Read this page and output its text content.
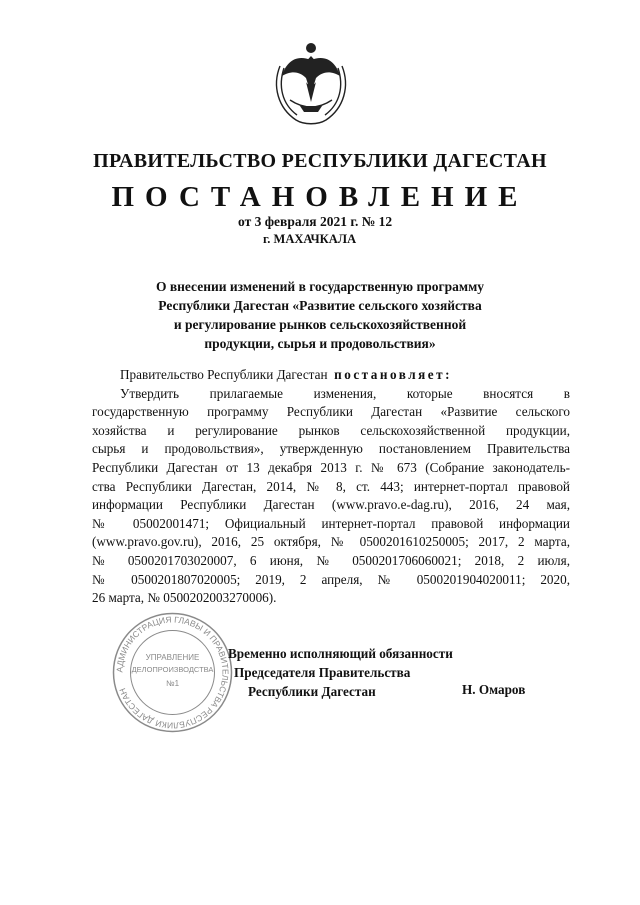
ПРАВИТЕЛЬСТВО РЕСПУБЛИКИ ДАГЕСТАН
ПОСТАНОВЛЕНИЕ
от 3 февраля 2021 г. № 12
г. МАХАЧКАЛА
О внесении изменений в государственную программу
Республики Дагестан «Развитие сельского хозяйства
и регулирование рынков сельскохозяйственной
продукции, сырья и продовольствия»
Правительство Республики Дагестан постановляет:
Утвердить прилагаемые изменения, которые вносятся в
государственную программу Республики Дагестан «Развитие сельского
хозяйства и регулирование рынков сельскохозяйственной продукции,
сырья и продовольствия», утвержденную постановлением Правительства
Республики Дагестан от 13 декабря 2013 г. № 673 (Собрание законодатель-
ства Республики Дагестан, 2014, № 8, ст. 443; интернет-портал правовой
информации Республики Дагестан (www.pravo.e-dag.ru), 2016, 24 мая,
№ 05002001471; Официальный интернет-портал правовой информации
(www.pravo.gov.ru), 2016, 25 октября, № 0500201610250005; 2017, 2 марта,
№ 0500201703020007, 6 июня, № 0500201706060021; 2018, 2 июля,
№ 0500201807020005; 2019, 2 апреля, № 0500201904020011; 2020,
26 марта, № 0500202003270006).
АДМИНИСТРАЦИЯ ГЛАВЫ И ПРАВИТЕЛЬСТВА РЕСПУБЛИКИ ДАГЕСТАН
УПРАВЛЕНИЕ
ДЕЛОПРОИЗВОДСТВА
№1
Временно исполняющий обязанности
Председателя Правительства
Республики Дагестан	Н. Омаров
